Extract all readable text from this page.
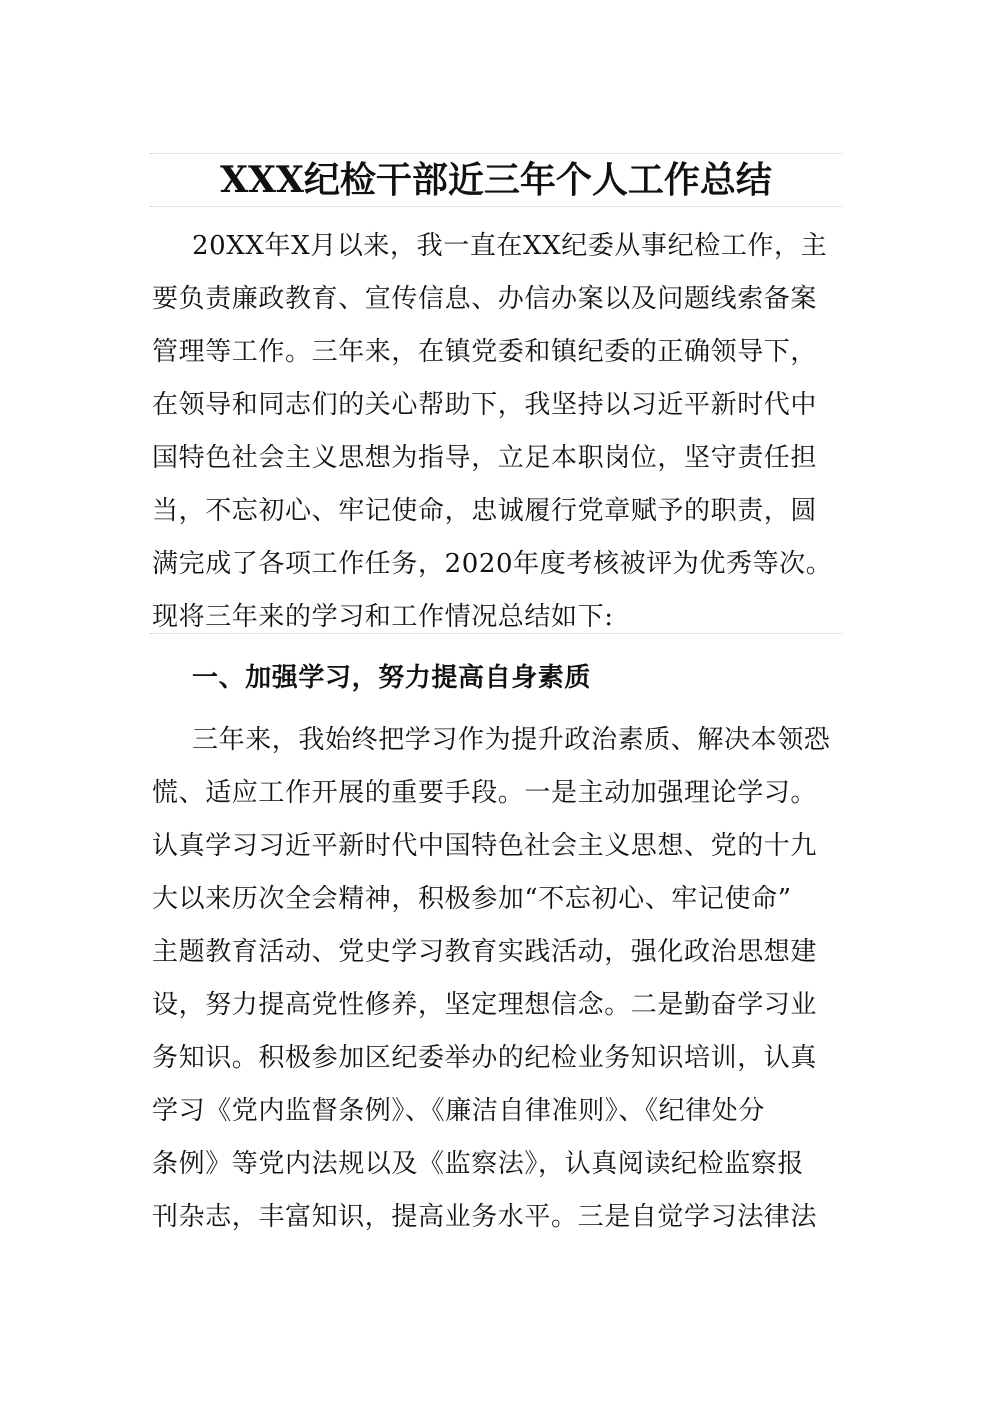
XXX纪检干部近三年个人工作总结
20XX年X月以来，我一直在XX纪委从事纪检工作，主
要负责廉政教育、宣传信息、办信办案以及问题线索备案
管理等工作。三年来，在镇党委和镇纪委的正确领导下，
在领导和同志们的关心帮助下，我坚持以习近平新时代中
国特色社会主义思想为指导，立足本职岗位，坚守责任担
当，不忘初心、牢记使命，忠诚履行党章赋予的职责，圆
满完成了各项工作任务，2020年度考核被评为优秀等次。
现将三年来的学习和工作情况总结如下:
一、加强学习，努力提高自身素质
三年来，我始终把学习作为提升政治素质、解决本领恐
慌、适应工作开展的重要手段。一是主动加强理论学习。
认真学习习近平新时代中国特色社会主义思想、党的十九
大以来历次全会精神，积极参加“不忘初心、牢记使命”
主题教育活动、党史学习教育实践活动，强化政治思想建
设，努力提高党性修养，坚定理想信念。二是勤奋学习业
务知识。积极参加区纪委举办的纪检业务知识培训，认真
学习《党内监督条例》、《廉洁自律准则》、《纪律处分
条例》等党内法规以及《监察法》，认真阅读纪检监察报
刊杂志，丰富知识，提高业务水平。三是自觉学习法律法
